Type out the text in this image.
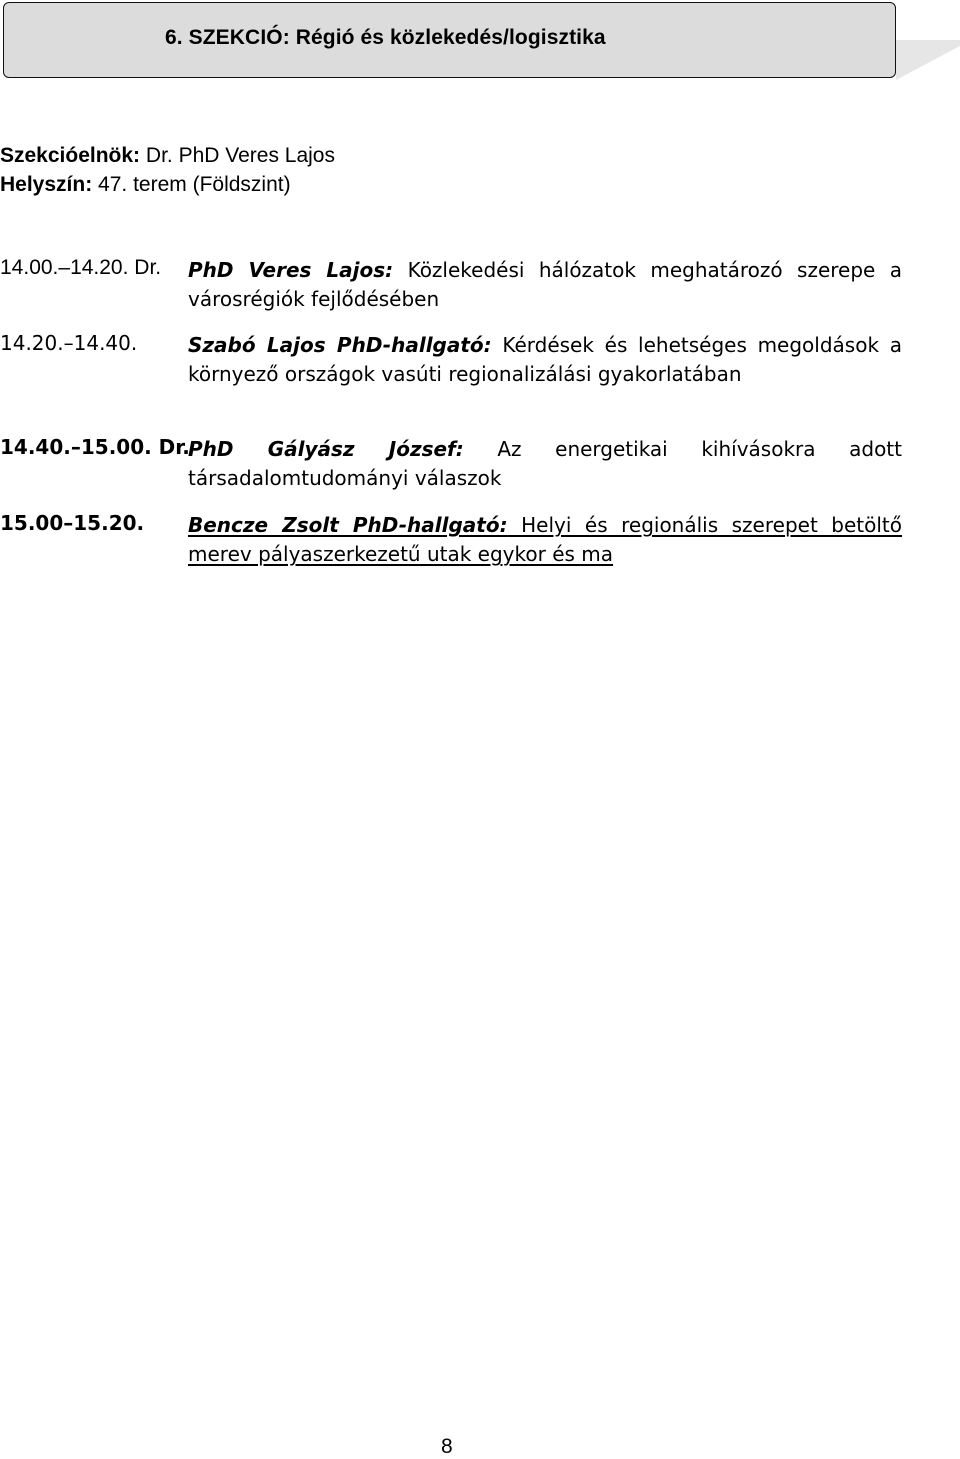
6. SZEKCIÓ: Régió és közlekedés/logisztika
Szekcióelnök: Dr. PhD Veres Lajos
Helyszín: 47. terem (Földszint)
14.00.–14.20. Dr. PhD Veres Lajos: Közlekedési hálózatok meghatározó szerepe a városrégiók fejlődésében
14.20.–14.40.	Szabó Lajos PhD-hallgató: Kérdések és lehetséges megoldások a környező országok vasúti regionalizálási gyakorlatában
14.40.–15.00. Dr.
PhD Gályász József: Az energetikai kihívásokra adott társadalomtudományi válaszok
15.00–15.20. Bencze Zsolt PhD-hallgató: Helyi és regionális szerepet betöltő merev pályaszerkezetű utak egykor és ma
8
